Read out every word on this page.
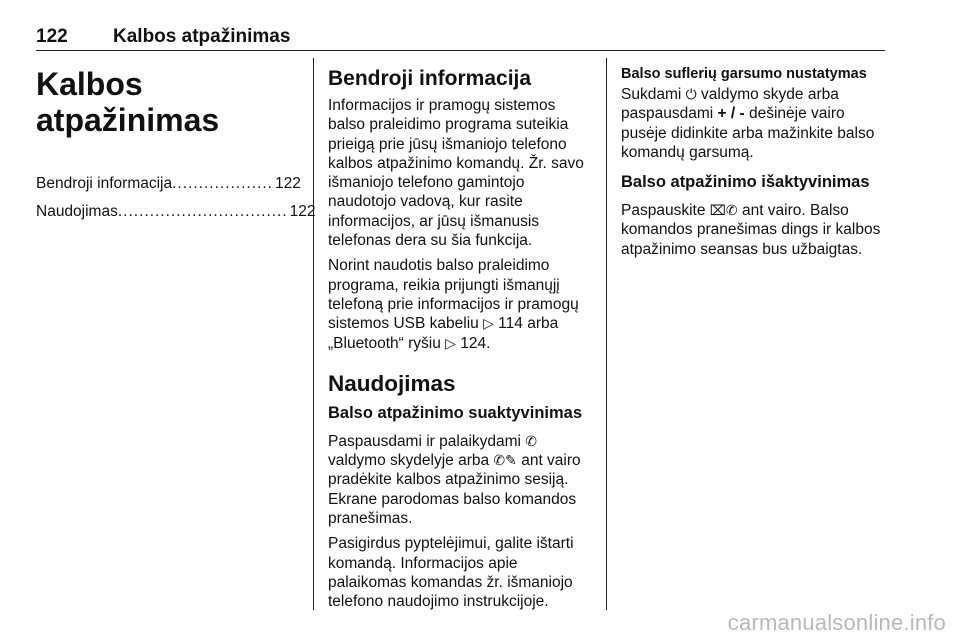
122 Kalbos atpažinimas
Kalbos atpažinimas
Bendroji informacija ................... 122
Naudojimas ................................ 122
Bendroji informacija

Informacijos ir pramogų sistemos balso praleidimo programa suteikia prieigą prie jūsų išmaniojo telefono kalbos atpažinimo komandų. Žr. savo išmaniojo telefono gamintojo naudotojo vadovą, kur rasite informacijos, ar jūsų išmanusis telefonas dera su šia funkcija.

Norint naudotis balso praleidimo programa, reikia prijungti išmanųjį telefoną prie informacijos ir pramogų sistemos USB kabeliu ▷ 114 arba „Bluetooth“ ryšiu ▷ 124.

Naudojimas
Balso atpažinimo suaktyvinimas

Paspausdami ir palaikydami ✆ valdymo skydelyje arba ✆✎ ant vairo pradėkite kalbos atpažinimo sesiją. Ekrane parodomas balso komandos pranešimas.

Pasigirdus pyptelėjimui, galite ištarti komandą. Informacijos apie palaikomas komandas žr. išmaniojo telefono naudojimo instrukcijoje.

Balso suflerių garsumo nustatymas

Sukdami ⏻ valdymo skyde arba paspausdami + / - dešinėje vairo pusėje didinkite arba mažinkite balso komandų garsumą.

Balso atpažinimo išaktyvinimas

Paspauskite ⌧✆ ant vairo. Balso komandos pranešimas dings ir kalbos atpažinimo seansas bus užbaigtas.

carmanualsonline.info
